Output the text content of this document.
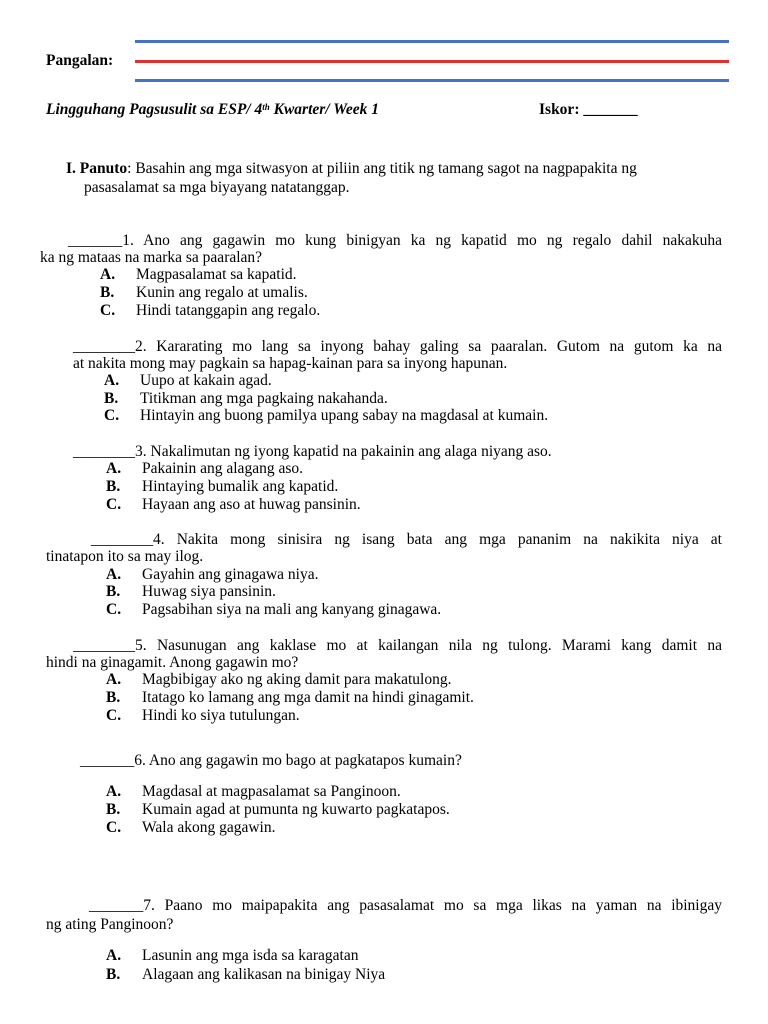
Pangalan:
Lingguhang Pagsusulit sa ESP/ 4th Kwarter/ Week 1	Iskor: _______
I. Panuto: Basahin ang mga sitwasyon at piliin ang titik ng tamang sagot na nagpapakita ng
pasasalamat sa mga biyayang natatanggap.
_______1. Ano ang gagawin mo kung binigyan ka ng kapatid mo ng regalo dahil nakakuha
ka ng mataas na marka sa paaralan?
A. Magpasalamat sa kapatid.
B. Kunin ang regalo at umalis.
C. Hindi tatanggapin ang regalo.
________2. Kararating mo lang sa inyong bahay galing sa paaralan. Gutom na gutom ka na
at nakita mong may pagkain sa hapag-kainan para sa inyong hapunan.
A. Uupo at kakain agad.
B. Titikman ang mga pagkaing nakahanda.
C. Hintayin ang buong pamilya upang sabay na magdasal at kumain.
________3. Nakalimutan ng iyong kapatid na pakainin ang alaga niyang aso.
A. Pakainin ang alagang aso.
B. Hintaying bumalik ang kapatid.
C. Hayaan ang aso at huwag pansinin.
________4. Nakita mong sinisira ng isang bata ang mga pananim na nakikita niya at
tinatapon ito sa may ilog.
A. Gayahin ang ginagawa niya.
B. Huwag siya pansinin.
C. Pagsabihan siya na mali ang kanyang ginagawa.
________5. Nasunugan ang kaklase mo at kailangan nila ng tulong. Marami kang damit na
hindi na ginagamit. Anong gagawin mo?
A. Magbibigay ako ng aking damit para makatulong.
B. Itatago ko lamang ang mga damit na hindi ginagamit.
C. Hindi ko siya tutulungan.
_______6. Ano ang gagawin mo bago at pagkatapos kumain?
A. Magdasal at magpasalamat sa Panginoon.
B. Kumain agad at pumunta ng kuwarto pagkatapos.
C. Wala akong gagawin.
_______7. Paano mo maipapakita ang pasasalamat mo sa mga likas na yaman na ibinigay
ng ating Panginoon?
A. Lasunin ang mga isda sa karagatan
B. Alagaan ang kalikasan na binigay Niya
